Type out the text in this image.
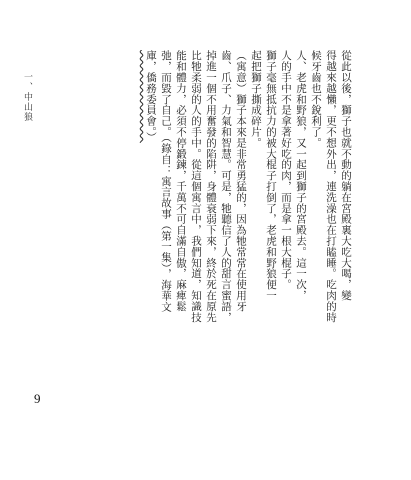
一、中山狼
9
從此以後，獅子也就不動的躺在宮殿裏大吃大喝，變
得越來越懶，更不想外出，連洗澡也在打瞌睡。吃肉的時
候牙齒也不銳利了。
人、老虎和野狼，又一起到獅子的宮殿去。這一次，
人的手中不是拿著好吃的肉，而是拿一根大棍子。
獅子毫無抵抗力的被大棍子打倒了，老虎和野狼便一
起把獅子撕成碎片。
（寓意）獅子本來是非常勇猛的，因為牠常常在使用牙
齒、爪子、力氣和智慧。可是，牠聽信了人的甜言蜜語，
掉進一個不用奮發的陷阱，身體衰弱下來，終於死在原先
比牠柔弱的人的手中。從這個寓言中，我們知道，知識技
能和體力，必須不停鍛鍊，千萬不可自滿自傲，麻痺鬆
弛，而毀了自己。（錄自：寓言故事（第一集），海華文
庫，僑務委員會。）
